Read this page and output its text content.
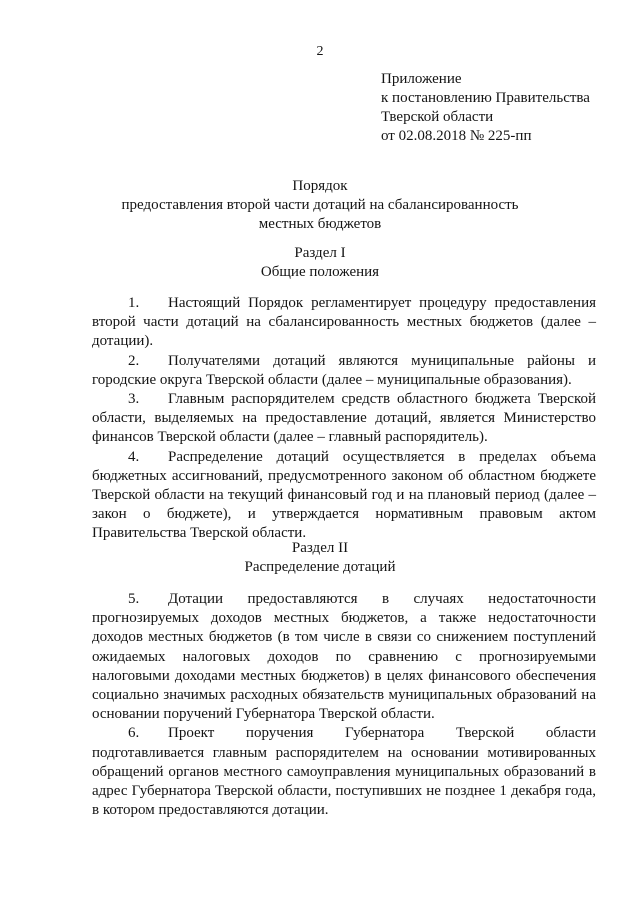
2
Приложение
к постановлению Правительства
Тверской области
от 02.08.2018 № 225-пп
Порядок
предоставления второй части дотаций на сбалансированность
местных бюджетов
Раздел I
Общие положения

1. Настоящий Порядок регламентирует процедуру предоставления второй части дотаций на сбалансированность местных бюджетов (далее – дотации).

2. Получателями дотаций являются муниципальные районы и городские округа Тверской области (далее – муниципальные образования).

3. Главным распорядителем средств областного бюджета Тверской области, выделяемых на предоставление дотаций, является Министерство финансов Тверской области (далее – главный распорядитель).

4. Распределение дотаций осуществляется в пределах объема бюджетных ассигнований, предусмотренного законом об областном бюджете Тверской области на текущий финансовый год и на плановый период (далее – закон о бюджете), и утверждается нормативным правовым актом Правительства Тверской области.

Раздел II
Распределение дотаций

5. Дотации предоставляются в случаях недостаточности прогнозируемых доходов местных бюджетов, а также недостаточности доходов местных бюджетов (в том числе в связи со снижением поступлений ожидаемых налоговых доходов по сравнению с прогнозируемыми налоговыми доходами местных бюджетов) в целях финансового обеспечения социально значимых расходных обязательств муниципальных образований на основании поручений Губернатора Тверской области.

6. Проект поручения Губернатора Тверской области подготавливается главным распорядителем на основании мотивированных обращений органов местного самоуправления муниципальных образований в адрес Губернатора Тверской области, поступивших не позднее 1 декабря года, в котором предоставляются дотации.
